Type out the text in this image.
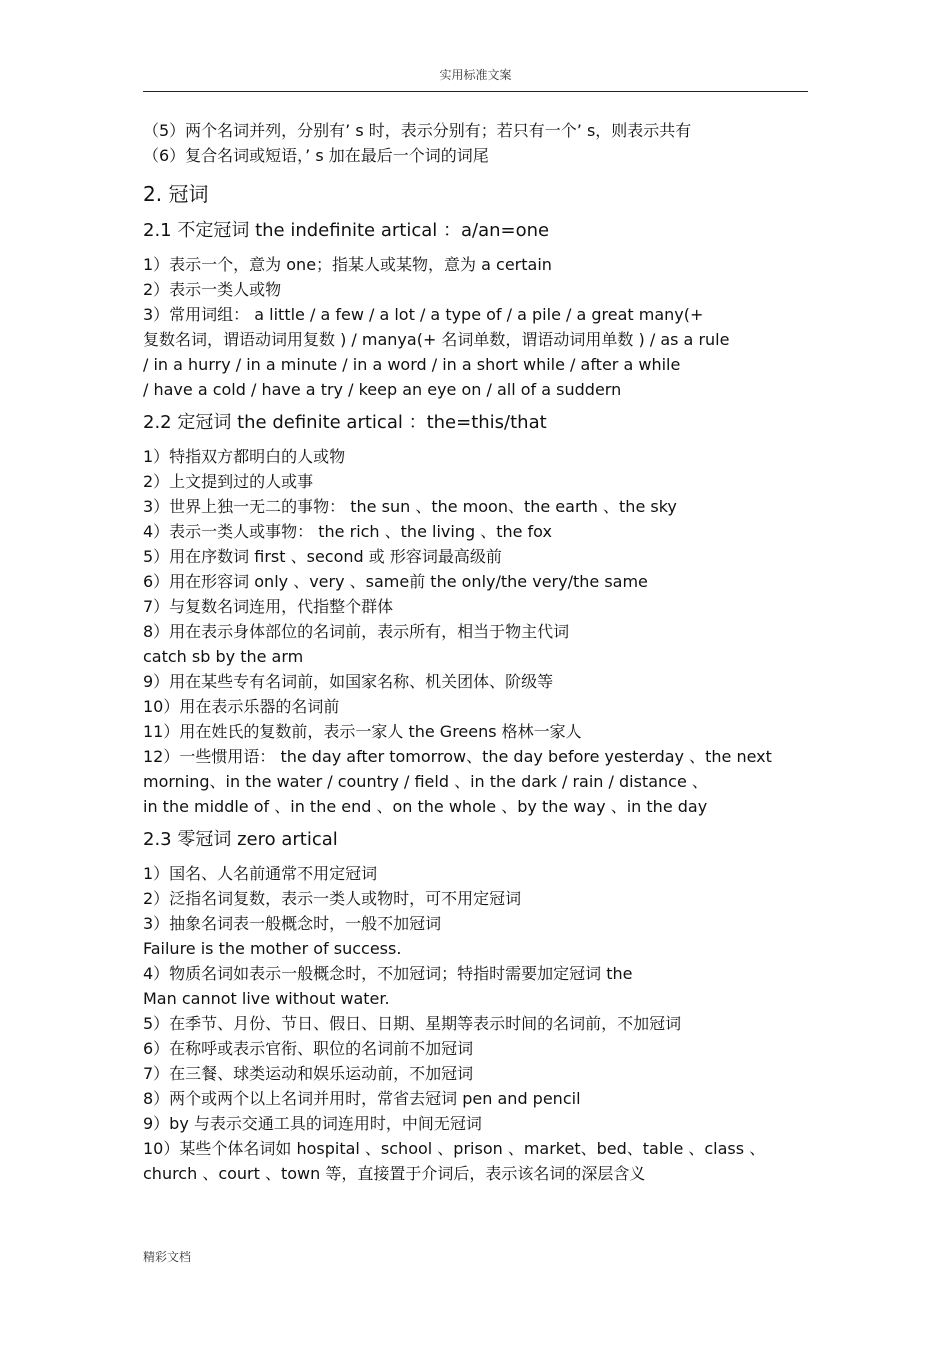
实用标准文案
（5）两个名词并列，分别有’ s 时，表示分别有；若只有一个’ s，则表示共有
（6）复合名词或短语，’ s 加在最后一个词的词尾
2. 冠词
2.1 不定冠词 the indefinite artical ：a/an=one
1）表示一个，意为 one；指某人或某物，意为 a certain
2）表示一类人或物
3）常用词组： a little / a few / a lot / a type of / a pile / a great many(+
复数名词，谓语动词用复数 ) / manya(+ 名词单数，谓语动词用单数 ) / as a rule
/ in a hurry / in a minute / in a word / in a short while / after a while
/ have a cold / have a try / keep an eye on / all of a suddern
2.2 定冠词 the definite artical ：the=this/that
1）特指双方都明白的人或物
2）上文提到过的人或事
3）世界上独一无二的事物： the sun 、the moon、the earth 、the sky
4）表示一类人或事物： the rich 、the living 、the fox
5）用在序数词 first 、second 或 形容词最高级前
6）用在形容词 only 、very 、same前 the only/the very/the same
7）与复数名词连用，代指整个群体
8）用在表示身体部位的名词前，表示所有，相当于物主代词
catch sb by the arm
9）用在某些专有名词前，如国家名称、机关团体、阶级等
10）用在表示乐器的名词前
11）用在姓氏的复数前，表示一家人 the Greens 格林一家人
12）一些惯用语： the day after tomorrow、the day before yesterday 、the next
morning、in the water / country / field 、in the dark / rain / distance 、
in the middle of 、in the end 、on the whole 、by the way 、in the day
2.3 零冠词 zero artical
1）国名、人名前通常不用定冠词
2）泛指名词复数，表示一类人或物时，可不用定冠词
3）抽象名词表一般概念时，一般不加冠词
Failure is the mother of success.
4）物质名词如表示一般概念时，不加冠词；特指时需要加定冠词 the
Man cannot live without water.
5）在季节、月份、节日、假日、日期、星期等表示时间的名词前，不加冠词
6）在称呼或表示官衔、职位的名词前不加冠词
7）在三餐、球类运动和娱乐运动前，不加冠词
8）两个或两个以上名词并用时，常省去冠词 pen and pencil
9）by 与表示交通工具的词连用时，中间无冠词
10）某些个体名词如 hospital 、school 、prison 、market、bed、table 、class 、
church 、court 、town 等，直接置于介词后，表示该名词的深层含义
精彩文档
